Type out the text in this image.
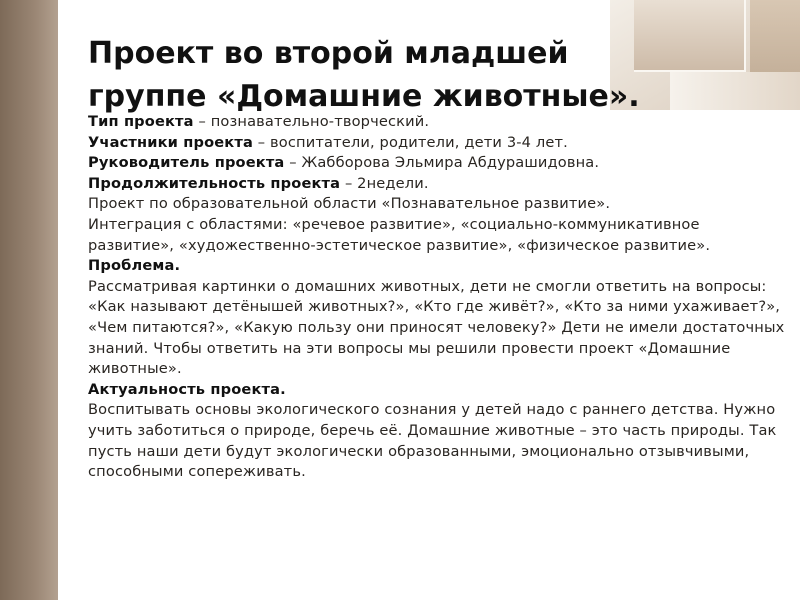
Проект во второй младшей
группе «Домашние животные».

Тип проекта – познавательно-творческий.

Участники проекта – воспитатели, родители, дети 3-4 лет.

Руководитель проекта – Жабборова Эльмира Абдурашидовна.

Продолжительность проекта – 2недели.

Проект по образовательной области «Познавательное развитие».

Интеграция с областями: «речевое развитие», «социально-коммуникативное развитие», «художественно-эстетическое развитие», «физическое развитие».

Проблема.

Рассматривая картинки о домашних животных, дети не смогли ответить на вопросы: «Как называют детёнышей животных?», «Кто где живёт?», «Кто за ними ухаживает?», «Чем питаются?», «Какую пользу они приносят человеку?» Дети не имели достаточных знаний. Чтобы ответить на эти вопросы мы решили провести проект «Домашние животные».

Актуальность проекта.

Воспитывать основы экологического сознания у детей надо с раннего детства. Нужно учить заботиться о природе, беречь её. Домашние животные – это часть природы. Так пусть наши дети будут экологически образованными, эмоционально отзывчивыми, способными сопереживать.
